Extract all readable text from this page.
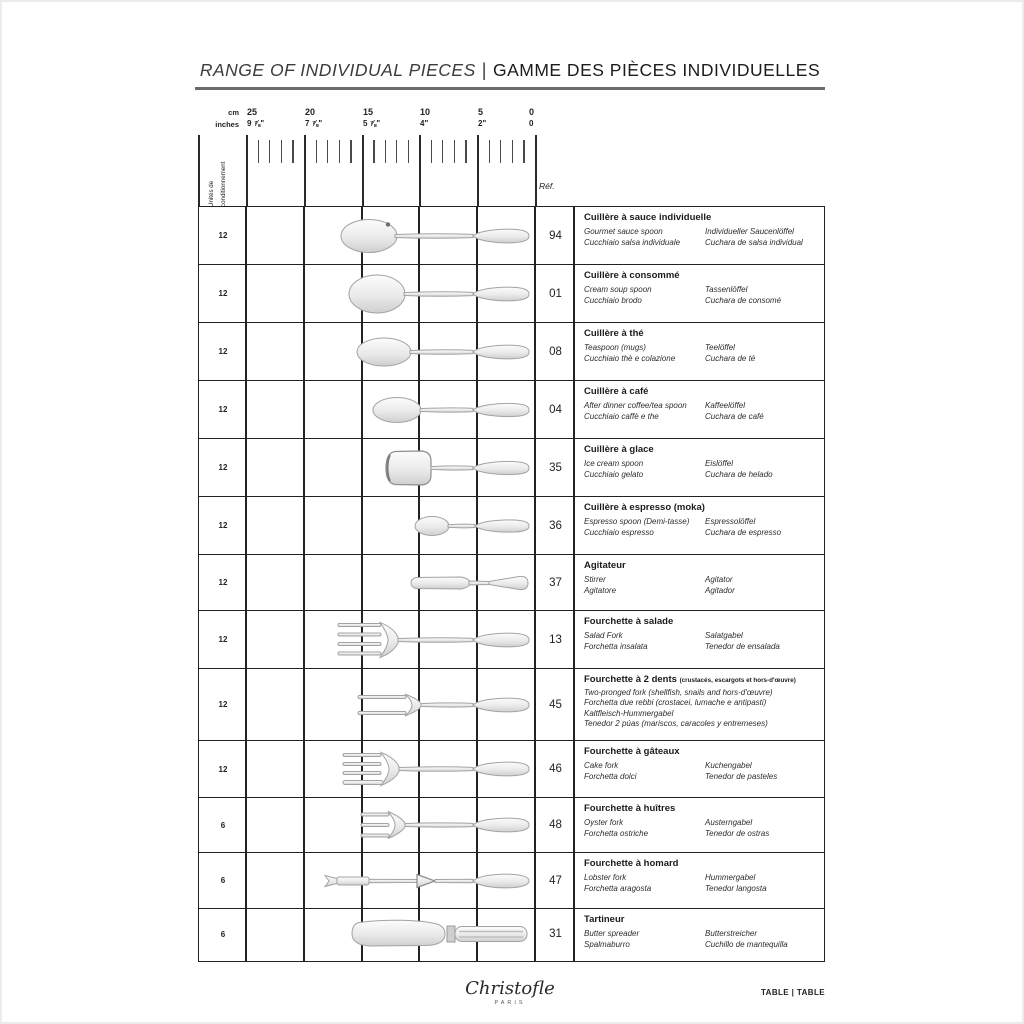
RANGE OF INDIVIDUAL PIECES | GAMME DES PIÈCES INDIVIDUELLES
cm
inches
25	20	15	10	5	0
9 ⅞"	7 ⅞"	5 ⅞"	4"	2"	0
Unités de conditionnement	Réf.
12	94
Cuillère à sauce individuelle
Gourmet sauce spoon
Cucchiaio salsa individuale
Individueller Saucenlöffel
Cuchara de salsa individual
12	01
Cuillère à consommé
Cream soup spoon
Cucchiaio brodo
Tassenlöffel
Cuchara de consomé
12	08
Cuillère à thé
Teaspoon (mugs)
Cucchiaio thè e colazione
Teelöffel
Cuchara de té
12	04
Cuillère à café
After dinner coffee/tea spoon
Cucchiaio caffè e the
Kaffeelöffel
Cuchara de café
12	35
Cuillère à glace
Ice cream spoon
Cucchiaio gelato
Eislöffel
Cuchara de helado
12	36
Cuillère à espresso (moka)
Espresso spoon (Demi-tasse)
Cucchiaio espresso
Espressolöffel
Cuchara de espresso
12	37
Agitateur
Stirrer
Agitatore
Agitator
Agitador
12	13
Fourchette à salade
Salad Fork
Forchetta insalata
Salatgabel
Tenedor de ensalada
12	45
Fourchette à 2 dents (crustacés, escargots et hors-d'œuvre)
Two-pronged fork (shellfish, snails and hors-d'œuvre)
Forchetta due rebbi (crostacei, lumache e antipasti)
Kaltfleisch-Hummergabel
Tenedor 2 púas (mariscos, caracoles y entremeses)
12	46
Fourchette à gâteaux
Cake fork
Forchetta dolci
Kuchengabel
Tenedor de pasteles
6	48
Fourchette à huîtres
Oyster fork
Forchetta ostriche
Austerngabel
Tenedor de ostras
6	47
Fourchette à homard
Lobster fork
Forchetta aragosta
Hummergabel
Tenedor langosta
6	31
Tartineur
Butter spreader
Spalmaburro
Butterstreicher
Cuchillo de mantequilla
Christofle
PARIS
TABLE | TABLE
